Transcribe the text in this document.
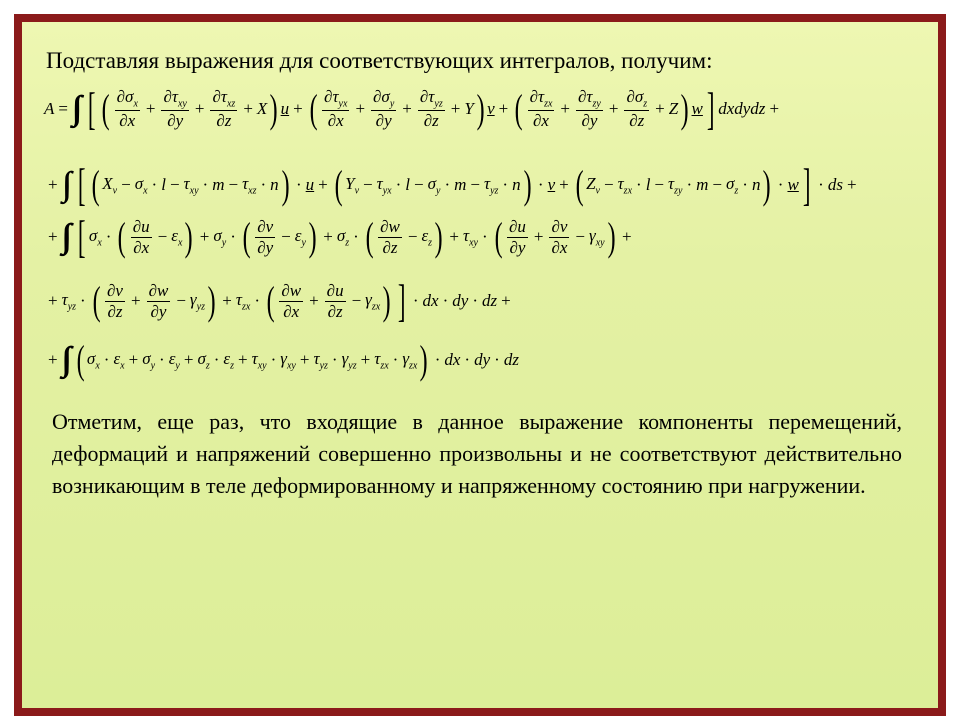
Подставляя выражения для соответствующих интегралов, получим:
A = [ ( $\frac{\partial\sigma_x}{\partial x} + \frac{\partial\tau_{xy}}{\partial y} + \frac{\partial\tau_{xz}}{\partial z} + X$ ) u + ( $\frac{\partial\tau_{yx}}{\partial x} + \frac{\partial\sigma_y}{\partial y} + \frac{\partial\tau_{yz}}{\partial z} + Y$ ) v + ( $\frac{\partial\tau_{zx}}{\partial x} + \frac{\partial\tau_{zy}}{\partial y} + \frac{\partial\sigma_z}{\partial z} + Z$ ) w ] dxdydz +
+ [ ( $X_v - \sigma_x \cdot l - \tau_{xy} \cdot m - \tau_{xz} \cdot n$ ) · u + ( $Y_v - \tau_{yx} \cdot l - \sigma_y \cdot m - \tau_{yz} \cdot n$ ) · v + ( $Z_v - \tau_{zx} \cdot l - \tau_{zy} \cdot m - \sigma_z \cdot n$ ) · w ] · ds +
+ [ $\sigma_x$ · ( $\frac{\partial u}{\partial x} - \varepsilon_x$ ) + $\sigma_y$ · ( $\frac{\partial v}{\partial y} - \varepsilon_y$ ) + $\sigma_z$ · ( $\frac{\partial w}{\partial z} - \varepsilon_z$ ) + $\tau_{xy}$ · ( $\frac{\partial u}{\partial y} + \frac{\partial v}{\partial x} - \gamma_{xy}$ ) +
+ $\tau_{yz}$ · ( $\frac{\partial v}{\partial z} + \frac{\partial w}{\partial y} - \gamma_{yz}$ ) + $\tau_{zx}$ · ( $\frac{\partial w}{\partial x} + \frac{\partial u}{\partial z} - \gamma_{zx}$ ) ] · dx · dy · dz +
+ ( $\sigma_x \cdot \varepsilon_x + \sigma_y \cdot \varepsilon_y + \sigma_z \cdot \varepsilon_z + \tau_{xy} \cdot \gamma_{xy} + \tau_{yz} \cdot \gamma_{yz} + \tau_{zx} \cdot \gamma_{zx}$ ) · dx · dy · dz
Отметим, еще раз, что входящие в данное выражение компоненты перемещений, деформаций и напряжений совершенно произвольны и не соответствуют действительно возникающим в теле деформированному и напряженному состоянию при нагружении.
